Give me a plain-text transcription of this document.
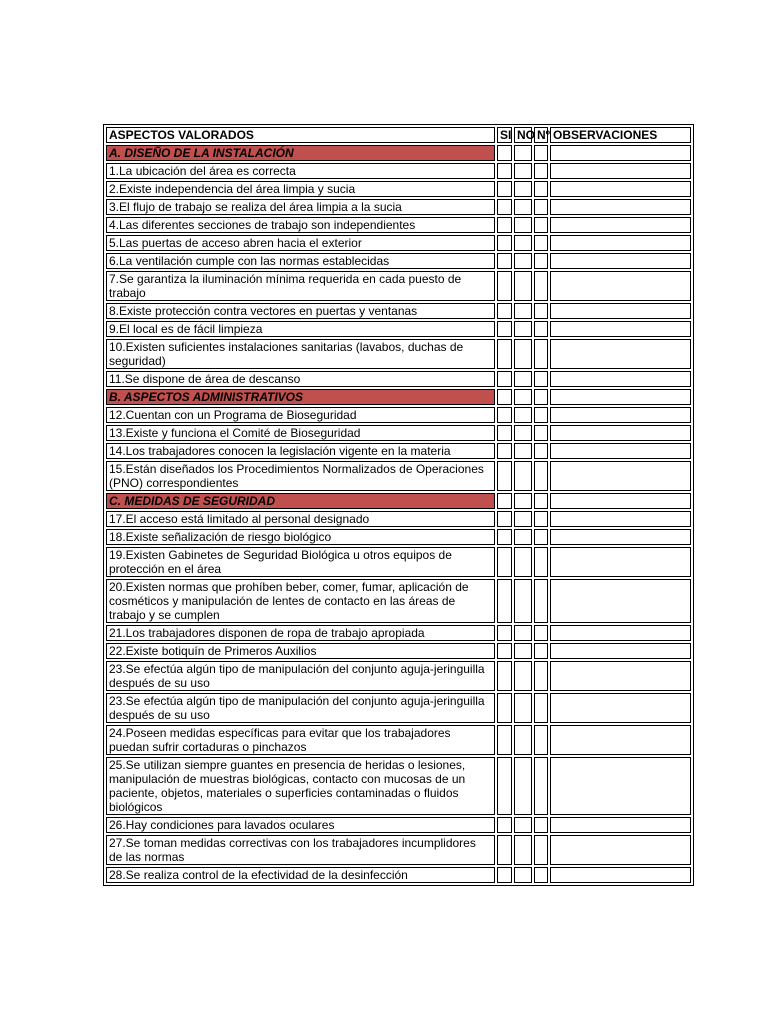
ASPECTOS VALORADOS	SI	NO	Nº	OBSERVACIONES
A. DISEÑO DE LA INSTALACIÓN				
1.La ubicación del área es correcta				
2.Existe independencia del área limpia y sucia				
3.El flujo de trabajo se realiza del área limpia a la sucia				
4.Las diferentes secciones de trabajo son independientes				
5.Las puertas de acceso abren hacia el exterior				
6.La ventilación cumple con las normas establecidas				
7.Se garantiza la iluminación mínima requerida en cada puesto de trabajo				
8.Existe protección contra vectores en puertas y ventanas				
9.El local es de fácil limpieza				
10.Existen suficientes instalaciones sanitarias (lavabos, duchas de seguridad)				
11.Se dispone de área de descanso				
B. ASPECTOS ADMINISTRATIVOS				
12.Cuentan con un Programa de Bioseguridad				
13.Existe y funciona el Comité de Bioseguridad				
14.Los trabajadores conocen la legislación vigente en la materia				
15.Están diseñados los Procedimientos Normalizados de Operaciones (PNO) correspondientes				
C. MEDIDAS DE SEGURIDAD				
17.El acceso está limitado al personal designado				
18.Existe señalización de riesgo biológico				
19.Existen Gabinetes de Seguridad Biológica u otros equipos de protección en el área				
20.Existen normas que prohíben beber, comer, fumar, aplicación de cosméticos y manipulación de lentes de contacto en las áreas de trabajo y se cumplen				
21.Los trabajadores disponen de ropa de trabajo apropiada				
22.Existe botiquín de Primeros Auxilios				
23.Se efectúa algún tipo de manipulación del conjunto aguja-jeringuilla después de su uso				
23.Se efectúa algún tipo de manipulación del conjunto aguja-jeringuilla después de su uso				
24.Poseen medidas específicas para evitar que los trabajadores puedan sufrir cortaduras o pinchazos				
25.Se utilizan siempre guantes en presencia de heridas o lesiones, manipulación de muestras biológicas, contacto con mucosas de un paciente, objetos, materiales o superficies contaminadas o fluidos biológicos				
26.Hay condiciones para lavados oculares				
27.Se toman medidas correctivas con los trabajadores incumplidores de las normas				
28.Se realiza control de la efectividad de la desinfección				
